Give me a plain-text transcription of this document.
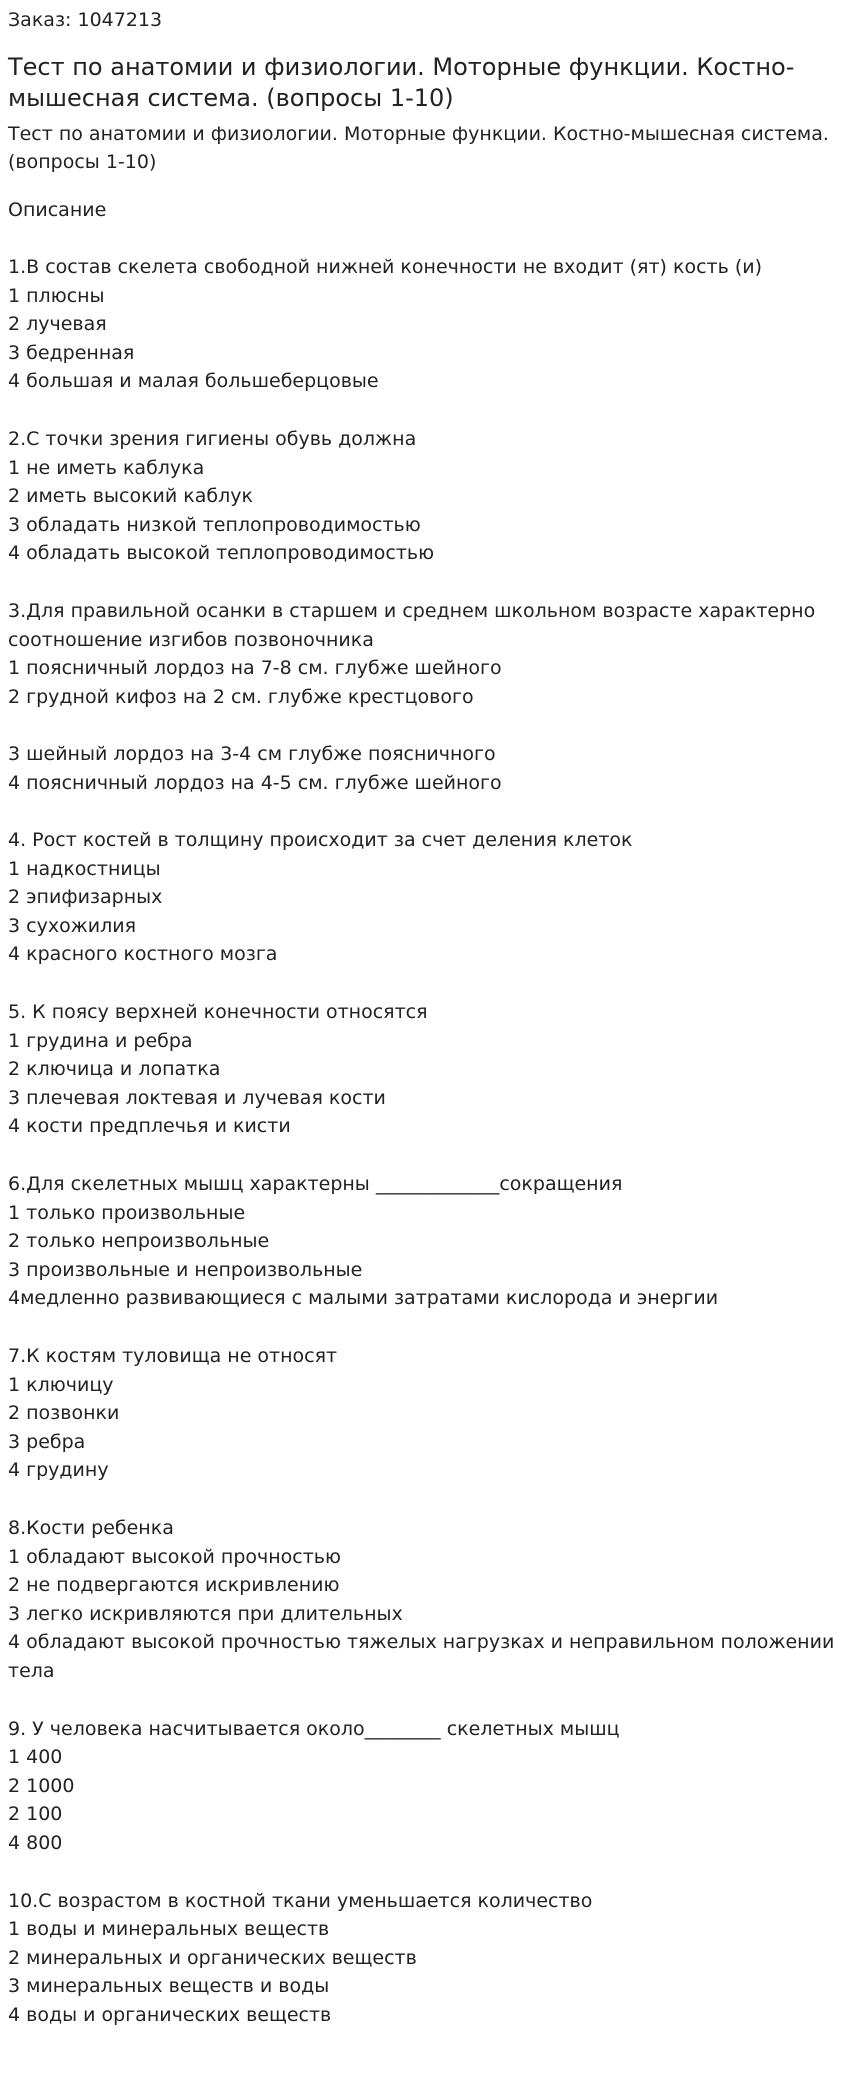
Заказ: 1047213

Тест по анатомии и физиологии. Моторные функции. Костно-мышесная система. (вопросы 1-10)

Тест по анатомии и физиологии. Моторные функции. Костно-мышесная система. (вопросы 1-10)

Описание

1.В состав скелета свободной нижней конечности не входит (ят) кость (и)

1 плюсны

2 лучевая

3 бедренная

4 большая и малая большеберцовые

2.С точки зрения гигиены обувь должна

1 не иметь каблука

2 иметь высокий каблук

3 обладать низкой теплопроводимостью

4 обладать высокой теплопроводимостью

3.Для правильной осанки в старшем и среднем школьном возрасте характерно соотношение изгибов позвоночника

1 поясничный лордоз на 7-8 см. глубже шейного

2 грудной кифоз на 2 см. глубже крестцового

3 шейный лордоз на 3-4 см глубже поясничного

4 поясничный лордоз на 4-5 см. глубже шейного

4. Рост костей в толщину происходит за счет деления клеток

1 надкостницы

2 эпифизарных

3 сухожилия

4 красного костного мозга

5. К поясу верхней конечности относятся

1 грудина и ребра

2 ключица и лопатка

3 плечевая локтевая и лучевая кости

4 кости предплечья и кисти

6.Для скелетных мышц характерны _____________сокращения

1 только произвольные

2 только непроизвольные

3 произвольные и непроизвольные

4медленно развивающиеся с малыми затратами кислорода и энергии

7.К костям туловища не относят

1 ключицу

2 позвонки

3 ребра

4 грудину

8.Кости ребенка

1 обладают высокой прочностью

2 не подвергаются искривлению

3 легко искривляются при длительных

4 обладают высокой прочностью тяжелых нагрузках и неправильном положении тела

9. У человека насчитывается около________ скелетных мышц

1 400

2 1000

2 100

4 800

10.С возрастом в костной ткани уменьшается количество

1 воды и минеральных веществ

2 минеральных и органических веществ

3 минеральных веществ и воды

4 воды и органических веществ
